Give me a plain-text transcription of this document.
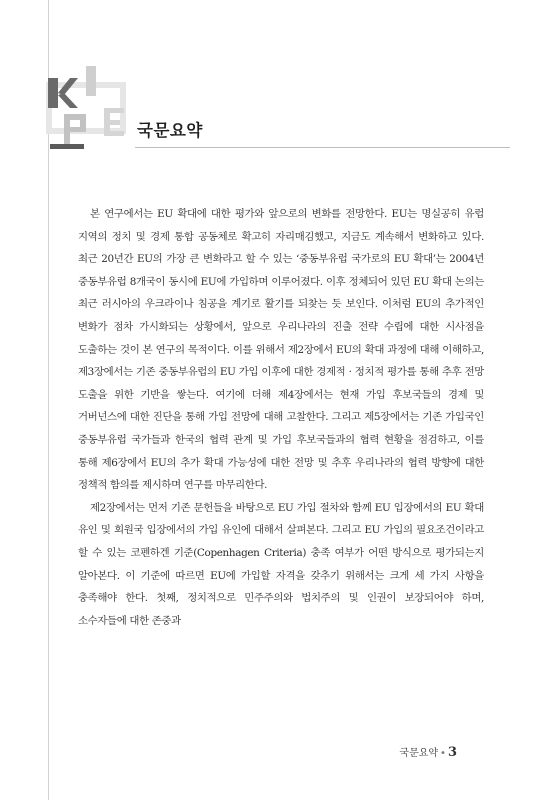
국문요약

본 연구에서는 EU 확대에 대한 평가와 앞으로의 변화를 전망한다. EU는 명실공히 유럽 지역의 정치 및 경제 통합 공동체로 확고히 자리매김했고, 지금도 계속해서 변화하고 있다. 최근 20년간 EU의 가장 큰 변화라고 할 수 있는 ‘중동부유럽 국가로의 EU 확대’는 2004년 중동부유럽 8개국이 동시에 EU에 가입하며 이루어졌다. 이후 정체되어 있던 EU 확대 논의는 최근 러시아의 우크라이나 침공을 계기로 활기를 되찾는 듯 보인다. 이처럼 EU의 추가적인 변화가 점차 가시화되는 상황에서, 앞으로 우리나라의 진출 전략 수립에 대한 시사점을 도출하는 것이 본 연구의 목적이다. 이를 위해서 제2장에서 EU의 확대 과정에 대해 이해하고, 제3장에서는 기존 중동부유럽의 EU 가입 이후에 대한 경제적 · 정치적 평가를 통해 추후 전망 도출을 위한 기반을 쌓는다. 여기에 더해 제4장에서는 현재 가입 후보국들의 경제 및 거버넌스에 대한 진단을 통해 가입 전망에 대해 고찰한다. 그리고 제5장에서는 기존 가입국인 중동부유럽 국가들과 한국의 협력 관계 및 가입 후보국들과의 협력 현황을 점검하고, 이를 통해 제6장에서 EU의 추가 확대 가능성에 대한 전망 및 추후 우리나라의 협력 방향에 대한 정책적 함의를 제시하며 연구를 마무리한다.

제2장에서는 먼저 기존 문헌들을 바탕으로 EU 가입 절차와 함께 EU 입장에서의 EU 확대 유인 및 회원국 입장에서의 가입 유인에 대해서 살펴본다. 그리고 EU 가입의 필요조건이라고 할 수 있는 코펜하겐 기준(Copenhagen Criteria) 충족 여부가 어떤 방식으로 평가되는지 알아본다. 이 기준에 따르면 EU에 가입할 자격을 갖추기 위해서는 크게 세 가지 사항을 충족해야 한다. 첫째, 정치적으로 민주주의와 법치주의 및 인권이 보장되어야 하며, 소수자들에 대한 존중과

국문요약 • 3
